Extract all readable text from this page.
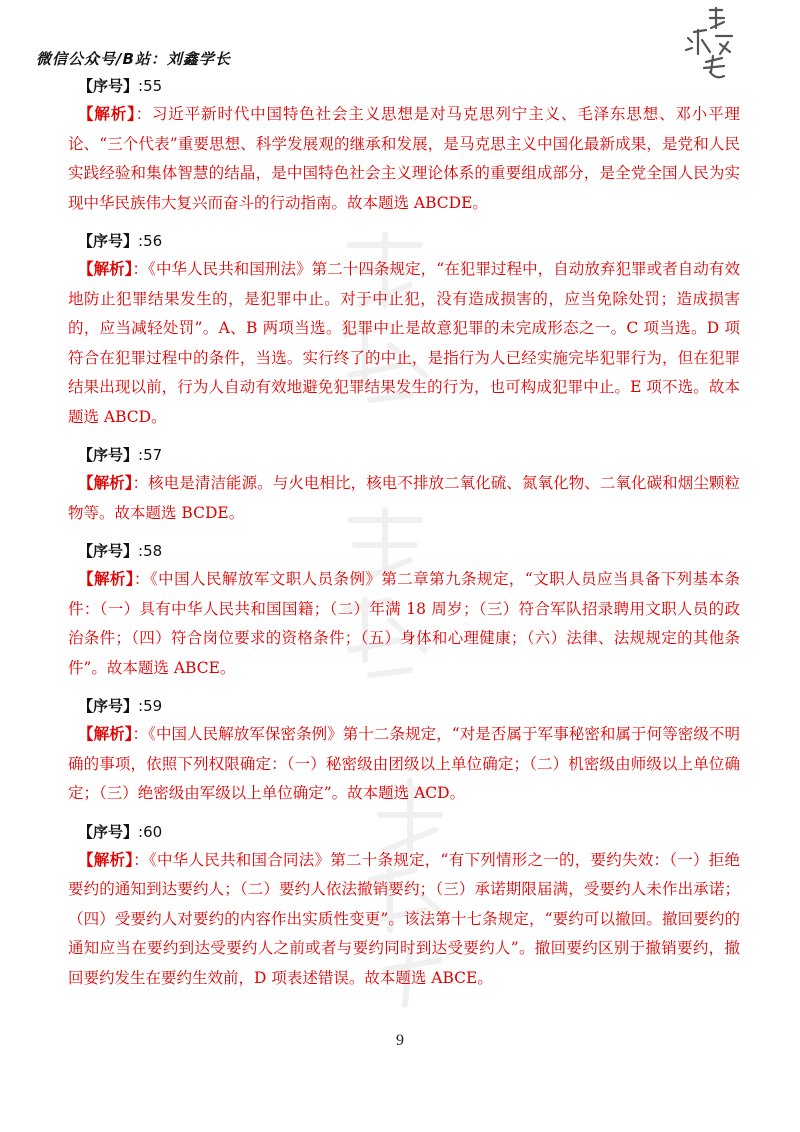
微信公众号/B站：刘鑫学长
【序号】:55

【解析】：习近平新时代中国特色社会主义思想是对马克思列宁主义、毛泽东思想、邓小平理论、“三个代表”重要思想、科学发展观的继承和发展，是马克思主义中国化最新成果，是党和人民实践经验和集体智慧的结晶，是中国特色社会主义理论体系的重要组成部分，是全党全国人民为实现中华民族伟大复兴而奋斗的行动指南。故本题选 ABCDE。

【序号】:56

【解析】：《中华人民共和国刑法》第二十四条规定，“在犯罪过程中，自动放弃犯罪或者自动有效地防止犯罪结果发生的，是犯罪中止。对于中止犯，没有造成损害的，应当免除处罚；造成损害的，应当减轻处罚”。A、B 两项当选。犯罪中止是故意犯罪的未完成形态之一。C 项当选。D 项符合在犯罪过程中的条件，当选。实行终了的中止，是指行为人已经实施完毕犯罪行为，但在犯罪结果出现以前，行为人自动有效地避免犯罪结果发生的行为，也可构成犯罪中止。E 项不选。故本题选 ABCD。

【序号】:57

【解析】：核电是清洁能源。与火电相比，核电不排放二氧化硫、氮氧化物、二氧化碳和烟尘颗粒物等。故本题选 BCDE。

【序号】:58

【解析】：《中国人民解放军文职人员条例》第二章第九条规定，“文职人员应当具备下列基本条件：（一）具有中华人民共和国国籍；（二）年满 18 周岁；（三）符合军队招录聘用文职人员的政治条件；（四）符合岗位要求的资格条件；（五）身体和心理健康；（六）法律、法规规定的其他条件”。故本题选 ABCE。

【序号】:59

【解析】：《中国人民解放军保密条例》第十二条规定，“对是否属于军事秘密和属于何等密级不明确的事项，依照下列权限确定：（一）秘密级由团级以上单位确定；（二）机密级由师级以上单位确定；（三）绝密级由军级以上单位确定”。故本题选 ACD。

【序号】:60

【解析】：《中华人民共和国合同法》第二十条规定，“有下列情形之一的，要约失效：（一）拒绝要约的通知到达要约人；（二）要约人依法撤销要约；（三）承诺期限届满，受要约人未作出承诺；（四）受要约人对要约的内容作出实质性变更”。该法第十七条规定，“要约可以撤回。撤回要约的通知应当在要约到达受要约人之前或者与要约同时到达受要约人”。撤回要约区别于撤销要约，撤回要约发生在要约生效前，D 项表述错误。故本题选 ABCE。

9
